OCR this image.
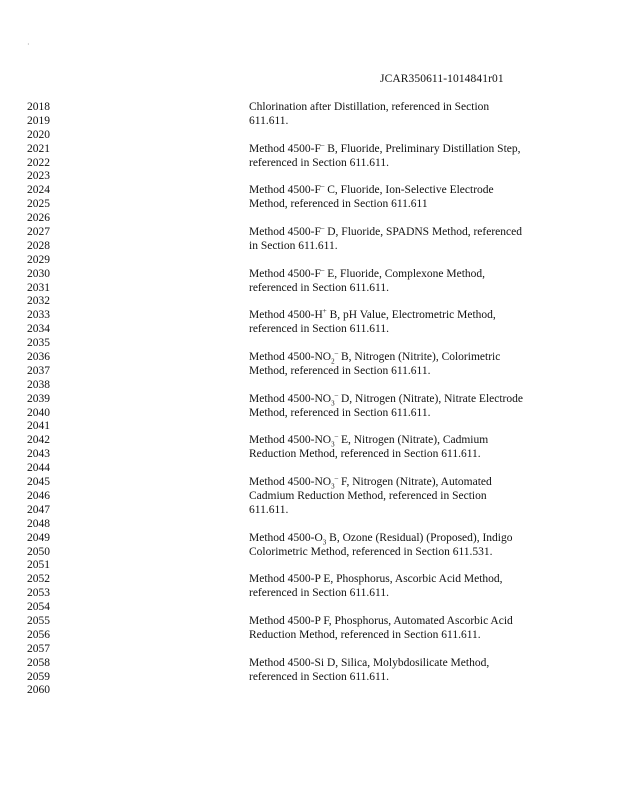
·
JCAR350611-1014841r01
2018	Chlorination after Distillation, referenced in Section
2019	611.611.
2020
2021	Method 4500-F– B, Fluoride, Preliminary Distillation Step,
2022	referenced in Section 611.611.
2023
2024	Method 4500-F– C, Fluoride, Ion-Selective Electrode
2025	Method, referenced in Section 611.611
2026
2027	Method 4500-F– D, Fluoride, SPADNS Method, referenced
2028	in Section 611.611.
2029
2030	Method 4500-F– E, Fluoride, Complexone Method,
2031	referenced in Section 611.611.
2032
2033	Method 4500-H+ B, pH Value, Electrometric Method,
2034	referenced in Section 611.611.
2035
2036	Method $4500-NO_2^-$ B, Nitrogen (Nitrite), Colorimetric
2037	Method, referenced in Section 611.611.
2038
2039	Method $4500-NO_3^-$ D, Nitrogen (Nitrate), Nitrate Electrode
2040	Method, referenced in Section 611.611.
2041
2042	Method $4500-NO_3^-$ E, Nitrogen (Nitrate), Cadmium
2043	Reduction Method, referenced in Section 611.611.
2044
2045	Method $4500-NO_3^-$ F, Nitrogen (Nitrate), Automated
2046	Cadmium Reduction Method, referenced in Section
2047	611.611.
2048
2049	Method $4500-O_3$ B, Ozone (Residual) (Proposed), Indigo
2050	Colorimetric Method, referenced in Section 611.531.
2051
2052	Method 4500-P E, Phosphorus, Ascorbic Acid Method,
2053	referenced in Section 611.611.
2054
2055	Method 4500-P F, Phosphorus, Automated Ascorbic Acid
2056	Reduction Method, referenced in Section 611.611.
2057
2058	Method 4500-Si D, Silica, Molybdosilicate Method,
2059	referenced in Section 611.611.
2060
